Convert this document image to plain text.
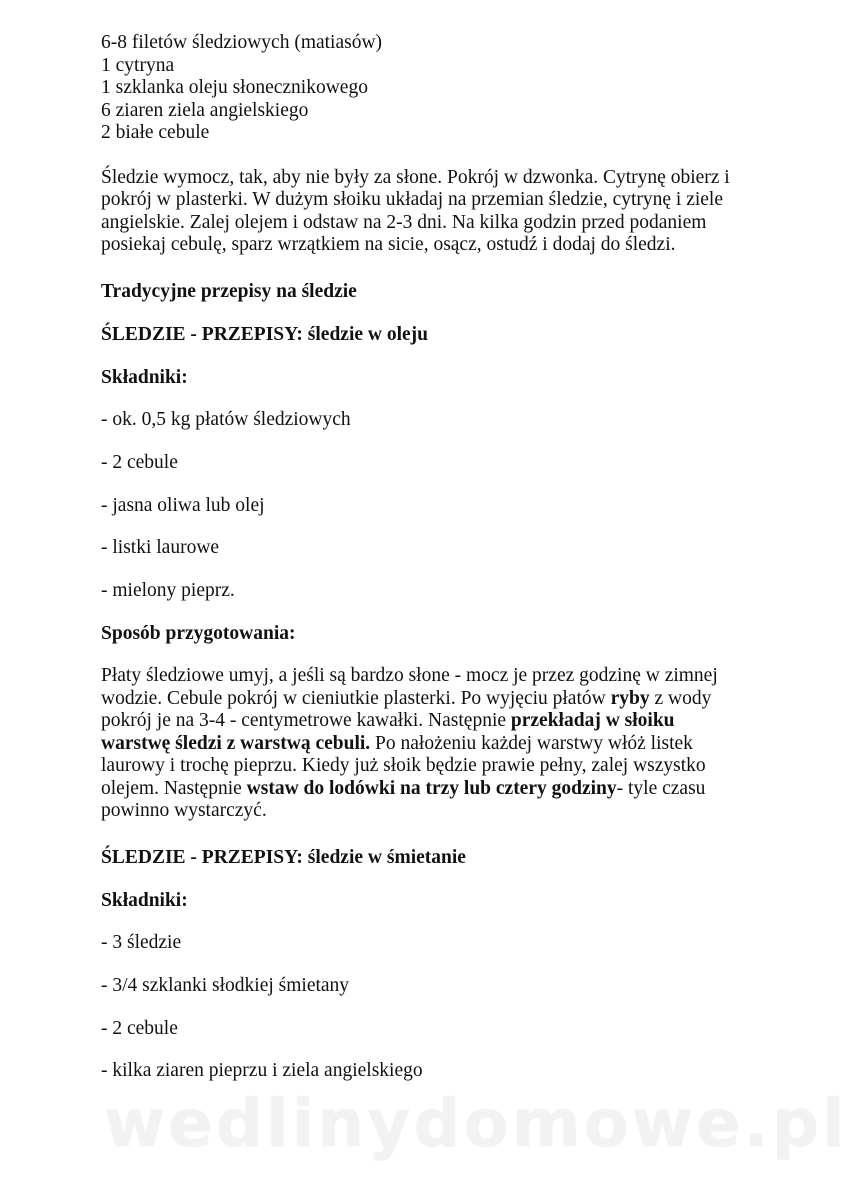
6-8 filetów śledziowych (matiasów)
1 cytryna
1 szklanka oleju słonecznikowego
6 ziaren ziela angielskiego
2 białe cebule
Śledzie wymocz, tak, aby nie były za słone. Pokrój w dzwonka. Cytrynę obierz i
pokrój w plasterki. W dużym słoiku układaj na przemian śledzie, cytrynę i ziele
angielskie. Zalej olejem i odstaw na 2-3 dni. Na kilka godzin przed podaniem
posiekaj cebulę, sparz wrzątkiem na sicie, osącz, ostudź i dodaj do śledzi.
Tradycyjne przepisy na śledzie
ŚLEDZIE - PRZEPISY: śledzie w oleju
Składniki:
- ok. 0,5 kg płatów śledziowych
- 2 cebule
- jasna oliwa lub olej
- listki laurowe
- mielony pieprz.
Sposób przygotowania:
Płaty śledziowe umyj, a jeśli są bardzo słone - mocz je przez godzinę w zimnej
wodzie. Cebule pokrój w cieniutkie plasterki. Po wyjęciu płatów ryby z wody
pokrój je na 3-4 - centymetrowe kawałki. Następnie przekładaj w słoiku
warstwę śledzi z warstwą cebuli. Po nałożeniu każdej warstwy włóż listek
laurowy i trochę pieprzu. Kiedy już słoik będzie prawie pełny, zalej wszystko
olejem. Następnie wstaw do lodówki na trzy lub cztery godziny- tyle czasu
powinno wystarczyć.
ŚLEDZIE - PRZEPISY: śledzie w śmietanie
Składniki:
- 3 śledzie
- 3/4 szklanki słodkiej śmietany
- 2 cebule
- kilka ziaren pieprzu i ziela angielskiego
wedlinydomowe.pl
